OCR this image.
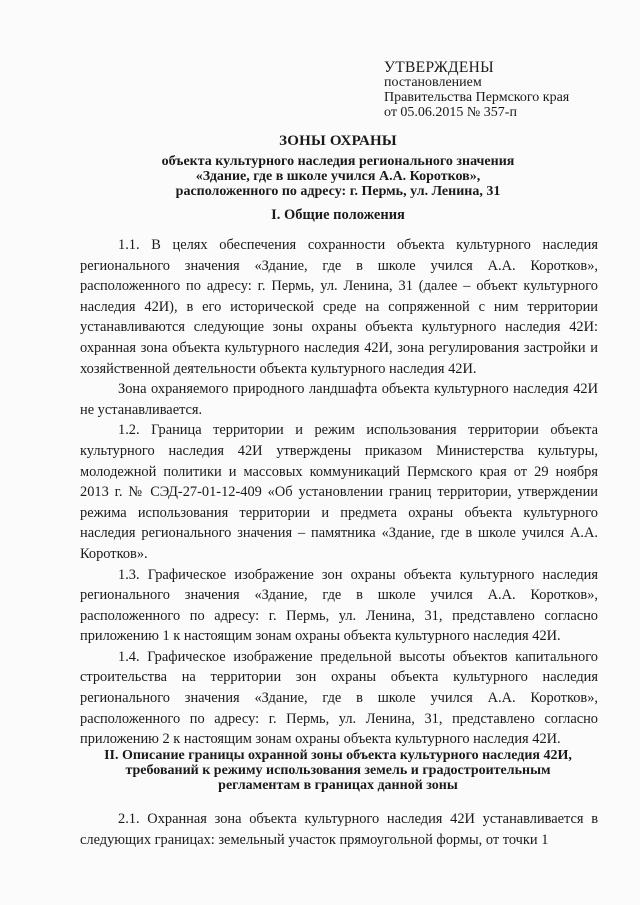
УТВЕРЖДЕНЫ
постановлением
Правительства Пермского края
от 05.06.2015 № 357-п
ЗОНЫ ОХРАНЫ
объекта культурного наследия регионального значения
«Здание, где в школе учился А.А. Коротков»,
расположенного по адресу: г. Пермь, ул. Ленина, 31
I. Общие положения

1.1. В целях обеспечения сохранности объекта культурного наследия регионального значения «Здание, где в школе учился А.А. Коротков», расположенного по адресу: г. Пермь, ул. Ленина, 31 (далее – объект культурного наследия 42И), в его исторической среде на сопряженной с ним территории устанавливаются следующие зоны охраны объекта культурного наследия 42И: охранная зона объекта культурного наследия 42И, зона регулирования застройки и хозяйственной деятельности объекта культурного наследия 42И.

Зона охраняемого природного ландшафта объекта культурного наследия 42И не устанавливается.

1.2. Граница территории и режим использования территории объекта культурного наследия 42И утверждены приказом Министерства культуры, молодежной политики и массовых коммуникаций Пермского края от 29 ноября 2013 г. № СЭД-27-01-12-409 «Об установлении границ территории, утверждении режима использования территории и предмета охраны объекта культурного наследия регионального значения – памятника «Здание, где в школе учился А.А. Коротков».

1.3. Графическое изображение зон охраны объекта культурного наследия регионального значения «Здание, где в школе учился А.А. Коротков», расположенного по адресу: г. Пермь, ул. Ленина, 31, представлено согласно приложению 1 к настоящим зонам охраны объекта культурного наследия 42И.

1.4. Графическое изображение предельной высоты объектов капитального строительства на территории зон охраны объекта культурного наследия регионального значения «Здание, где в школе учился А.А. Коротков», расположенного по адресу: г. Пермь, ул. Ленина, 31, представлено согласно приложению 2 к настоящим зонам охраны объекта культурного наследия 42И.

II. Описание границы охранной зоны объекта культурного наследия 42И,
требований к режиму использования земель и градостроительным
регламентам в границах данной зоны

2.1. Охранная зона объекта культурного наследия 42И устанавливается в следующих границах: земельный участок прямоугольной формы, от точки 1
